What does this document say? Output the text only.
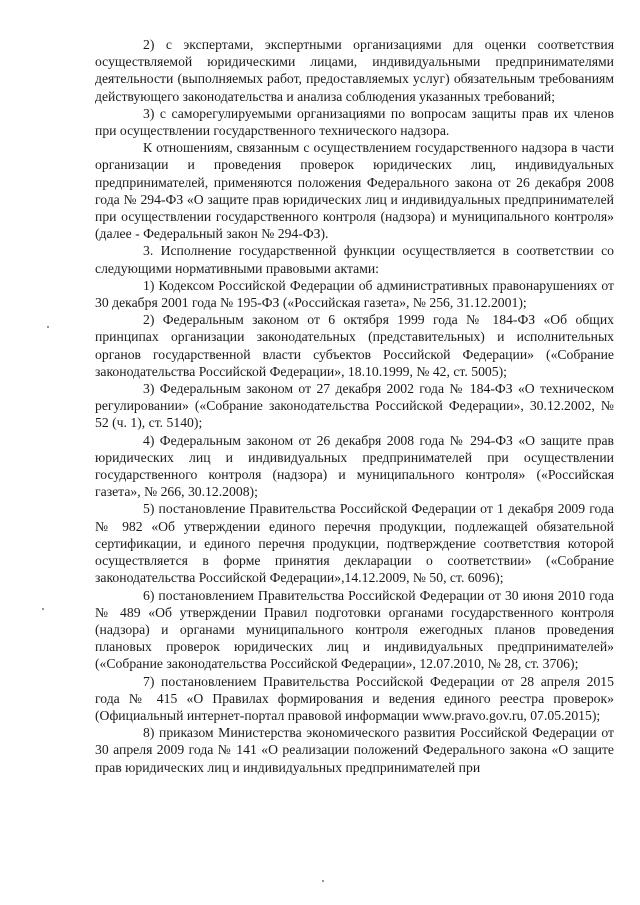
2) с экспертами, экспертными организациями для оценки соответствия осуществляемой юридическими лицами, индивидуальными предпринимателями деятельности (выполняемых работ, предоставляемых услуг) обязательным требованиям действующего законодательства и анализа соблюдения указанных требований;

3) с саморегулируемыми организациями по вопросам защиты прав их членов при осуществлении государственного технического надзора.

К отношениям, связанным с осуществлением государственного надзора в части организации и проведения проверок юридических лиц, индивидуальных предпринимателей, применяются положения Федерального закона от 26 декабря 2008 года № 294-ФЗ «О защите прав юридических лиц и индивидуальных предпринимателей при осуществлении государственного контроля (надзора) и муниципального контроля» (далее - Федеральный закон № 294-ФЗ).

3. Исполнение государственной функции осуществляется в соответствии со следующими нормативными правовыми актами:

1) Кодексом Российской Федерации об административных правонарушениях от 30 декабря 2001 года № 195-ФЗ («Российская газета», № 256, 31.12.2001);

2) Федеральным законом от 6 октября 1999 года № 184-ФЗ «Об общих принципах организации законодательных (представительных) и исполнительных органов государственной власти субъектов Российской Федерации» («Собрание законодательства Российской Федерации», 18.10.1999, № 42, ст. 5005);

3) Федеральным законом от 27 декабря 2002 года № 184-ФЗ «О техническом регулировании» («Собрание законодательства Российской Федерации», 30.12.2002, № 52 (ч. 1), ст. 5140);

4) Федеральным законом от 26 декабря 2008 года № 294-ФЗ «О защите прав юридических лиц и индивидуальных предпринимателей при осуществлении государственного контроля (надзора) и муниципального контроля» («Российская газета», № 266, 30.12.2008);

5) постановление Правительства Российской Федерации от 1 декабря 2009 года № 982 «Об утверждении единого перечня продукции, подлежащей обязательной сертификации, и единого перечня продукции, подтверждение соответствия которой осуществляется в форме принятия декларации о соответствии» («Собрание законодательства Российской Федерации»,14.12.2009, № 50, ст. 6096);

6) постановлением Правительства Российской Федерации от 30 июня 2010 года № 489 «Об утверждении Правил подготовки органами государственного контроля (надзора) и органами муниципального контроля ежегодных планов проведения плановых проверок юридических лиц и индивидуальных предпринимателей» («Собрание законодательства Российской Федерации», 12.07.2010, № 28, ст. 3706);

7) постановлением Правительства Российской Федерации от 28 апреля 2015 года № 415 «О Правилах формирования и ведения единого реестра проверок» (Официальный интернет-портал правовой информации www.pravo.gov.ru, 07.05.2015);

8) приказом Министерства экономического развития Российской Федерации от 30 апреля 2009 года № 141 «О реализации положений Федерального закона «О защите прав юридических лиц и индивидуальных предпринимателей при
